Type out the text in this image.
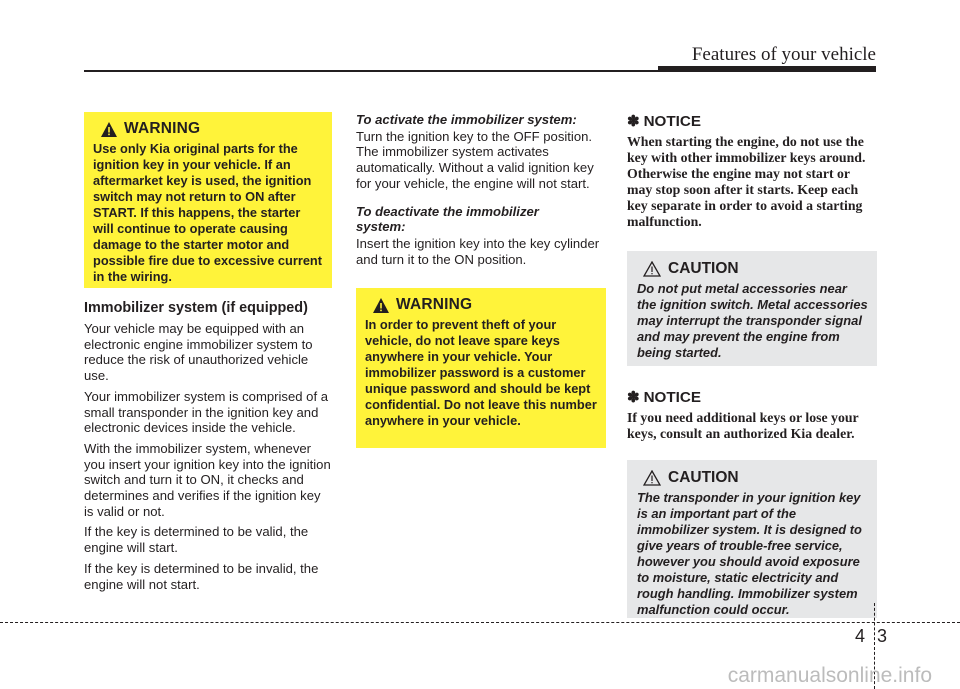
Features of your vehicle
WARNING
Use only Kia original parts for the ignition key in your vehicle. If an aftermarket key is used, the ignition switch may not return to ON after START. If this happens, the starter will continue to operate causing damage to the starter motor and possible fire due to excessive current in the wiring.
Immobilizer system (if equipped)

Your vehicle may be equipped with an electronic engine immobilizer system to reduce the risk of unauthorized vehicle use.

Your immobilizer system is comprised of a small transponder in the ignition key and electronic devices inside the vehicle.

With the immobilizer system, whenever you insert your ignition key into the ignition switch and turn it to ON, it checks and determines and verifies if the ignition key is valid or not.

If the key is determined to be valid, the engine will start.

If the key is determined to be invalid, the engine will not start.

To activate the immobilizer system:

Turn the ignition key to the OFF position. The immobilizer system activates automatically. Without a valid ignition key for your vehicle, the engine will not start.

To deactivate the immobilizer system:

Insert the ignition key into the key cylinder and turn it to the ON position.

WARNING
In order to prevent theft of your vehicle, do not leave spare keys anywhere in your vehicle. Your immobilizer password is a customer unique password and should be kept confidential. Do not leave this number anywhere in your vehicle.
✽ NOTICE

When starting the engine, do not use the key with other immobilizer keys around. Otherwise the engine may not start or may stop soon after it starts. Keep each key separate in order to avoid a starting malfunction.

CAUTION
Do not put metal accessories near the ignition switch. Metal accessories may interrupt the transponder signal and may prevent the engine from being started.
✽ NOTICE

If you need additional keys or lose your keys, consult an authorized Kia dealer.

CAUTION
The transponder in your ignition key is an important part of the immobilizer system. It is designed to give years of trouble-free service, however you should avoid exposure to moisture, static electricity and rough handling. Immobilizer system malfunction could occur.
4 3
carmanualsonline.info
